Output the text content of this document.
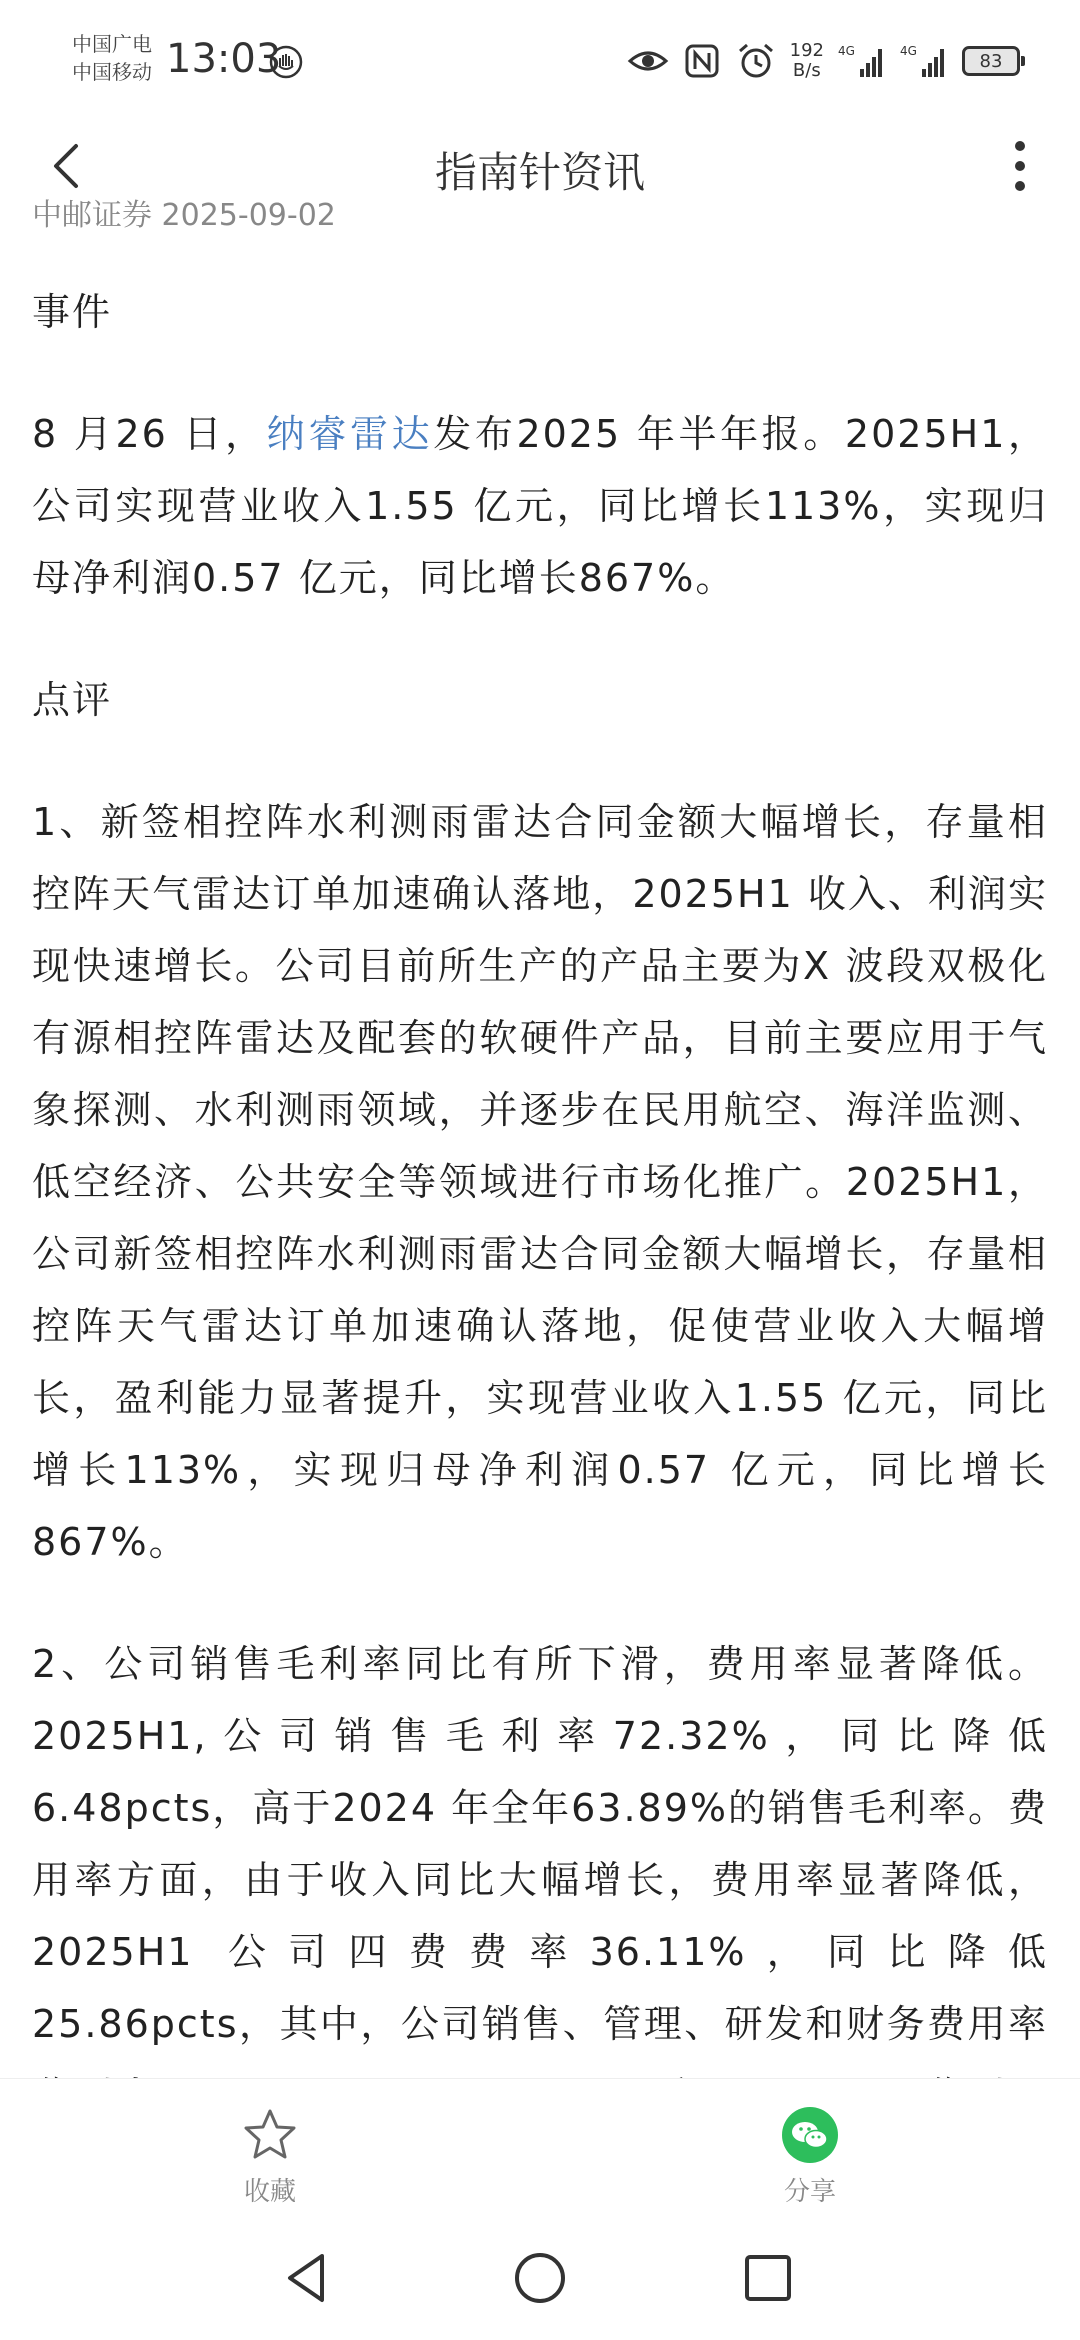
中国广电
中国移动 13:03	192
B/s
4G	4G	83
指南针资讯
中邮证券 2025-09-02

事件

8 月26 日，纳睿雷达发布2025 年半年报。2025H1，公司实现营业收入1.55 亿元，同比增长113%，实现归母净利润0.57 亿元，同比增长867%。

点评

1、新签相控阵水利测雨雷达合同金额大幅增长，存量相控阵天气雷达订单加速确认落地，2025H1 收入、利润实现快速增长。公司目前所生产的产品主要为X 波段双极化有源相控阵雷达及配套的软硬件产品，目前主要应用于气象探测、水利测雨领域，并逐步在民用航空、海洋监测、低空经济、公共安全等领域进行市场化推广。2025H1，公司新签相控阵水利测雨雷达合同金额大幅增长，存量相控阵天气雷达订单加速确认落地，促使营业收入大幅增长，盈利能力显著提升，实现营业收入1.55 亿元，同比增长113%，实现归母净利润0.57 亿元，同比增长867%。

2、公司销售毛利率同比有所下滑，费用率显著降低。2025H1,公司销售毛利率72.32%，同比降低6.48pcts，高于2024 年全年63.89%的销售毛利率。费用率方面，由于收入同比大幅增长，费用率显著降低，2025H1 公司四费费率36.11%，同比降低25.86pcts，其中，公司销售、管理、研发和财务费用率

收藏	分享
